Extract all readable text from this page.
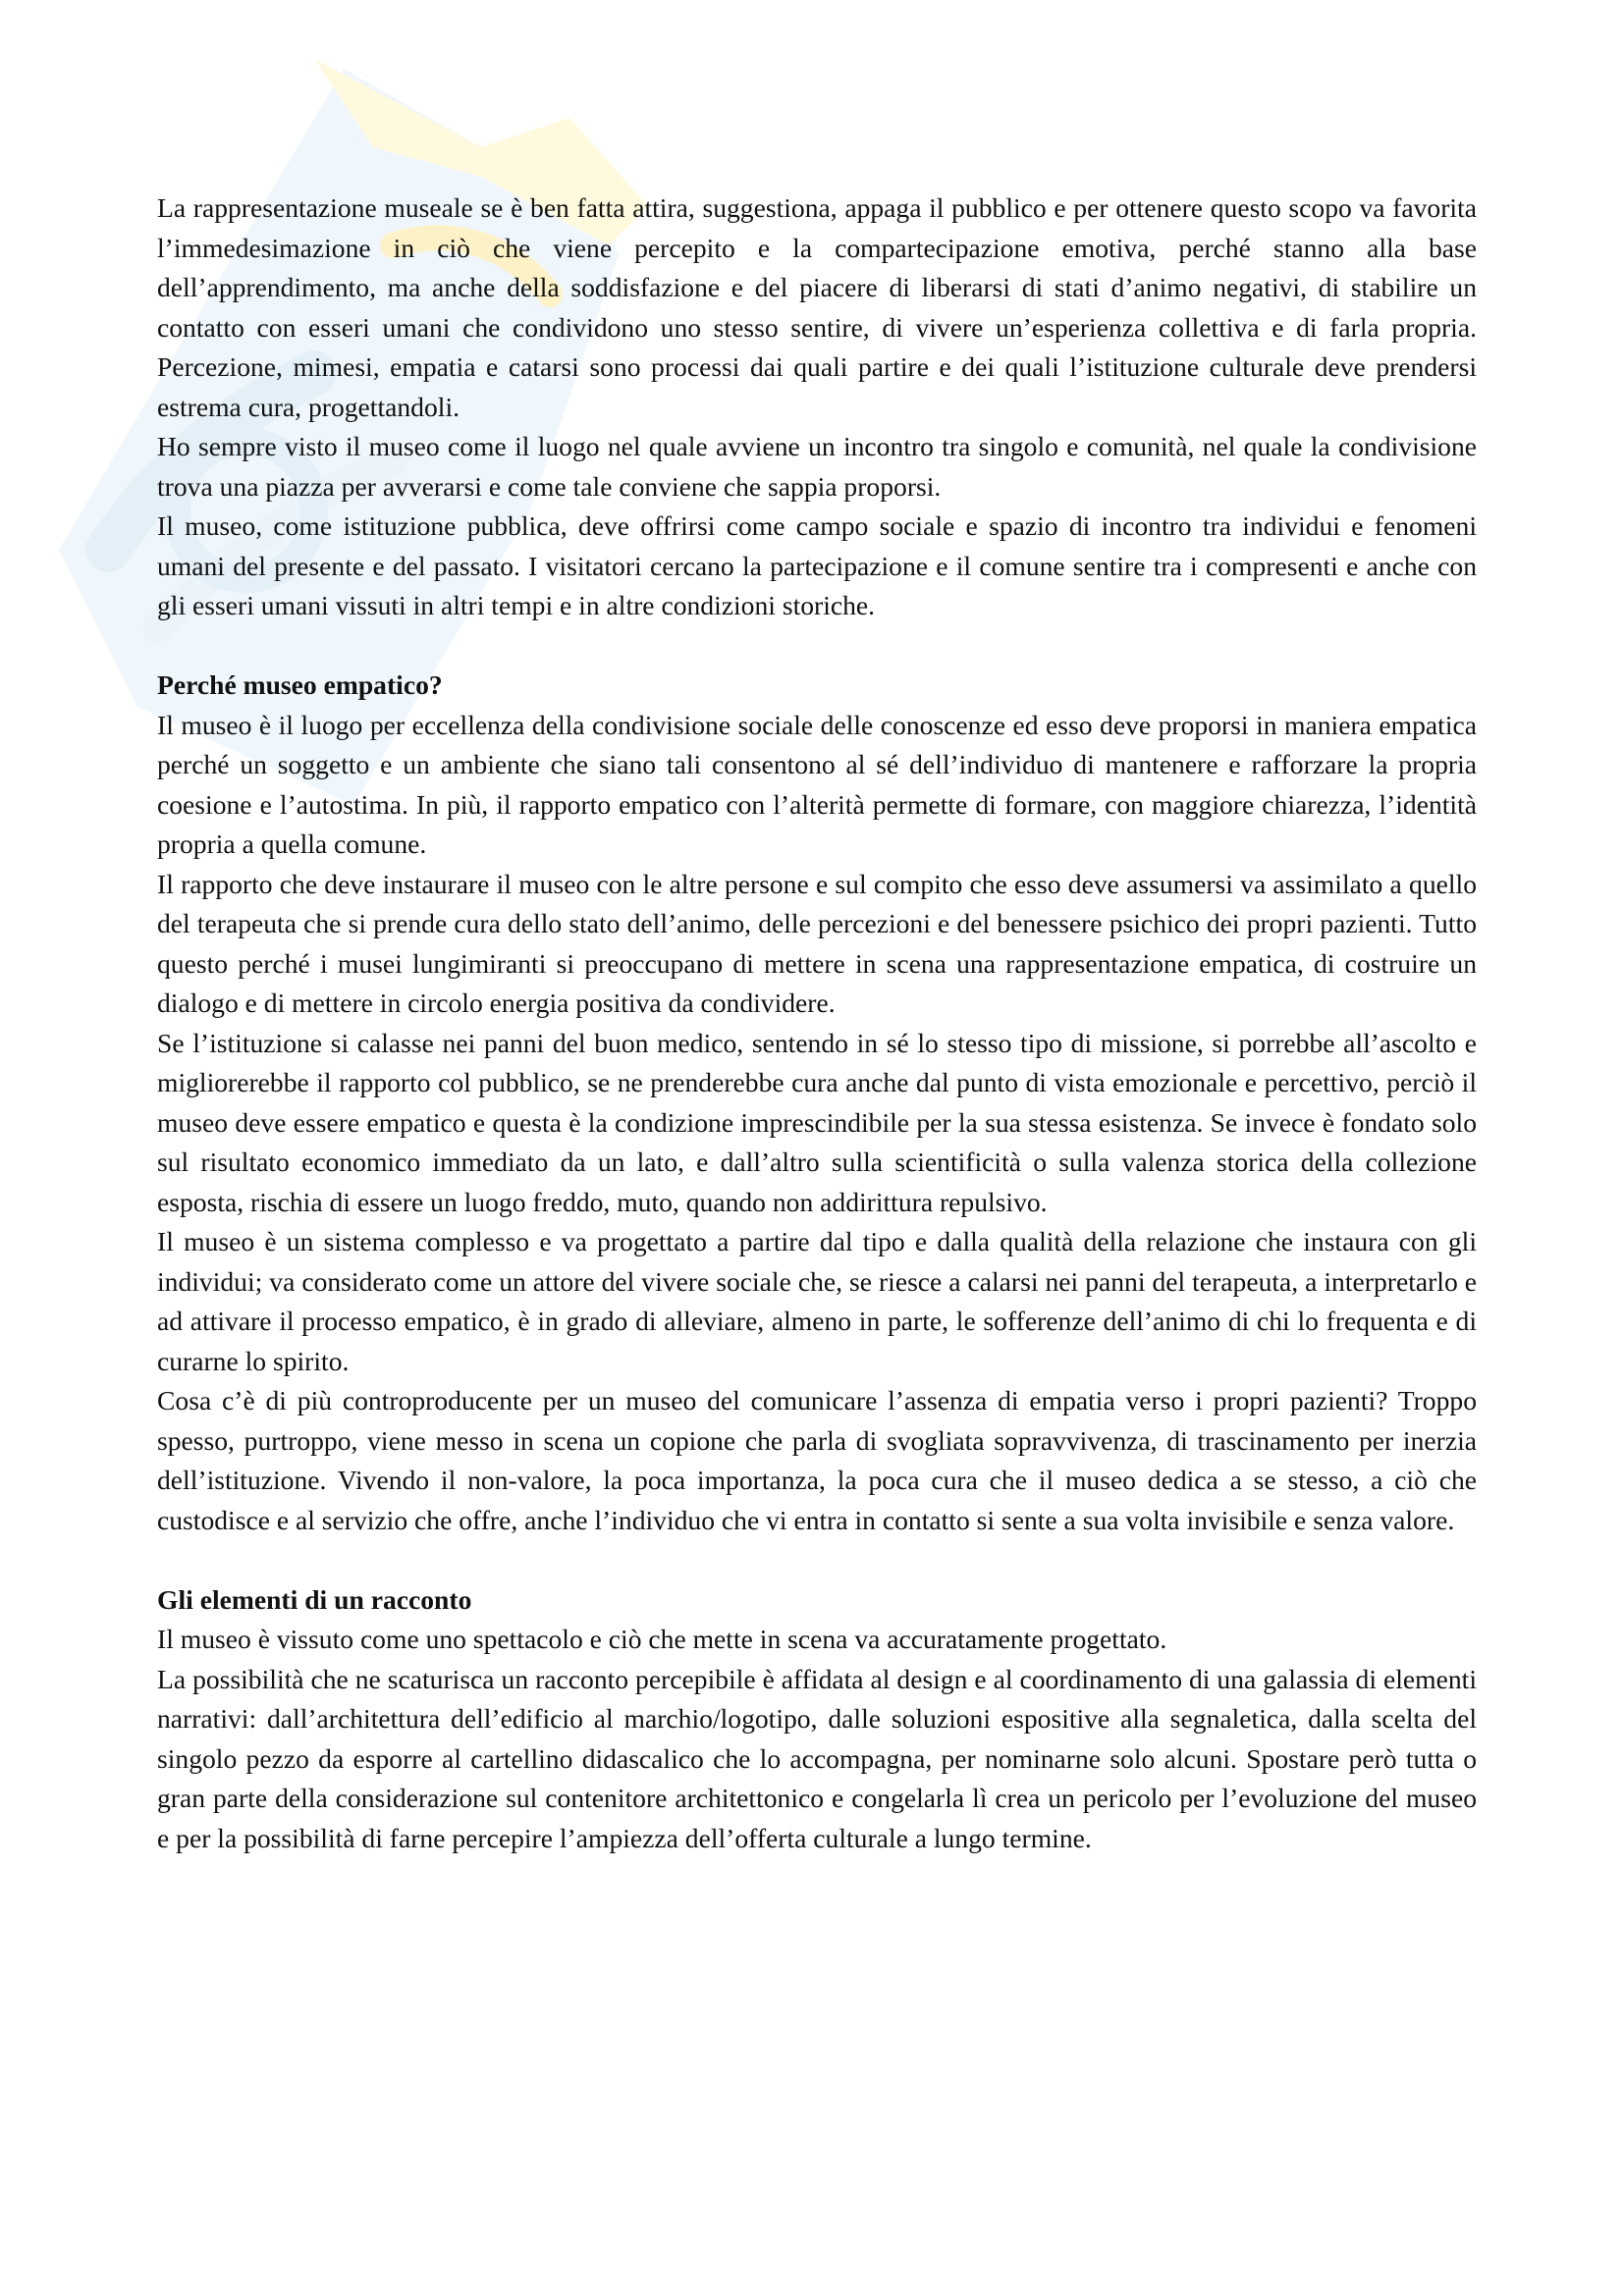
La rappresentazione museale se è ben fatta attira, suggestiona, appaga il pubblico e per ottenere questo scopo va favorita l’immedesimazione in ciò che viene percepito e la compartecipazione emotiva, perché stanno alla base dell’apprendimento, ma anche della soddisfazione e del piacere di liberarsi di stati d’animo negativi, di stabilire un contatto con esseri umani che condividono uno stesso sentire, di vivere un’esperienza collettiva e di farla propria. Percezione, mimesi, empatia e catarsi sono processi dai quali partire e dei quali l’istituzione culturale deve prendersi estrema cura, progettandoli.

Ho sempre visto il museo come il luogo nel quale avviene un incontro tra singolo e comunità, nel quale la condivisione trova una piazza per avverarsi e come tale conviene che sappia proporsi.

Il museo, come istituzione pubblica, deve offrirsi come campo sociale e spazio di incontro tra individui e fenomeni umani del presente e del passato. I visitatori cercano la partecipazione e il comune sentire tra i compresenti e anche con gli esseri umani vissuti in altri tempi e in altre condizioni storiche.

Perché museo empatico?

Il museo è il luogo per eccellenza della condivisione sociale delle conoscenze ed esso deve proporsi in maniera empatica perché un soggetto e un ambiente che siano tali consentono al sé dell’individuo di mantenere e rafforzare la propria coesione e l’autostima. In più, il rapporto empatico con l’alterità permette di formare, con maggiore chiarezza, l’identità propria a quella comune.

Il rapporto che deve instaurare il museo con le altre persone e sul compito che esso deve assumersi va assimilato a quello del terapeuta che si prende cura dello stato dell’animo, delle percezioni e del benessere psichico dei propri pazienti. Tutto questo perché i musei lungimiranti si preoccupano di mettere in scena una rappresentazione empatica, di costruire un dialogo e di mettere in circolo energia positiva da condividere.

Se l’istituzione si calasse nei panni del buon medico, sentendo in sé lo stesso tipo di missione, si porrebbe all’ascolto e migliorerebbe il rapporto col pubblico, se ne prenderebbe cura anche dal punto di vista emozionale e percettivo, perciò il museo deve essere empatico e questa è la condizione imprescindibile per la sua stessa esistenza. Se invece è fondato solo sul risultato economico immediato da un lato, e dall’altro sulla scientificità o sulla valenza storica della collezione esposta, rischia di essere un luogo freddo, muto, quando non addirittura repulsivo.

Il museo è un sistema complesso e va progettato a partire dal tipo e dalla qualità della relazione che instaura con gli individui; va considerato come un attore del vivere sociale che, se riesce a calarsi nei panni del terapeuta, a interpretarlo e ad attivare il processo empatico, è in grado di alleviare, almeno in parte, le sofferenze dell’animo di chi lo frequenta e di curarne lo spirito.

Cosa c’è di più controproducente per un museo del comunicare l’assenza di empatia verso i propri pazienti? Troppo spesso, purtroppo, viene messo in scena un copione che parla di svogliata sopravvivenza, di trascinamento per inerzia dell’istituzione. Vivendo il non-valore, la poca importanza, la poca cura che il museo dedica a se stesso, a ciò che custodisce e al servizio che offre, anche l’individuo che vi entra in contatto si sente a sua volta invisibile e senza valore.

Gli elementi di un racconto

Il museo è vissuto come uno spettacolo e ciò che mette in scena va accuratamente progettato.

La possibilità che ne scaturisca un racconto percepibile è affidata al design e al coordinamento di una galassia di elementi narrativi: dall’architettura dell’edificio al marchio/logotipo, dalle soluzioni espositive alla segnaletica, dalla scelta del singolo pezzo da esporre al cartellino didascalico che lo accompagna, per nominarne solo alcuni. Spostare però tutta o gran parte della considerazione sul contenitore architettonico e congelarla lì crea un pericolo per l’evoluzione del museo e per la possibilità di farne percepire l’ampiezza dell’offerta culturale a lungo termine.
